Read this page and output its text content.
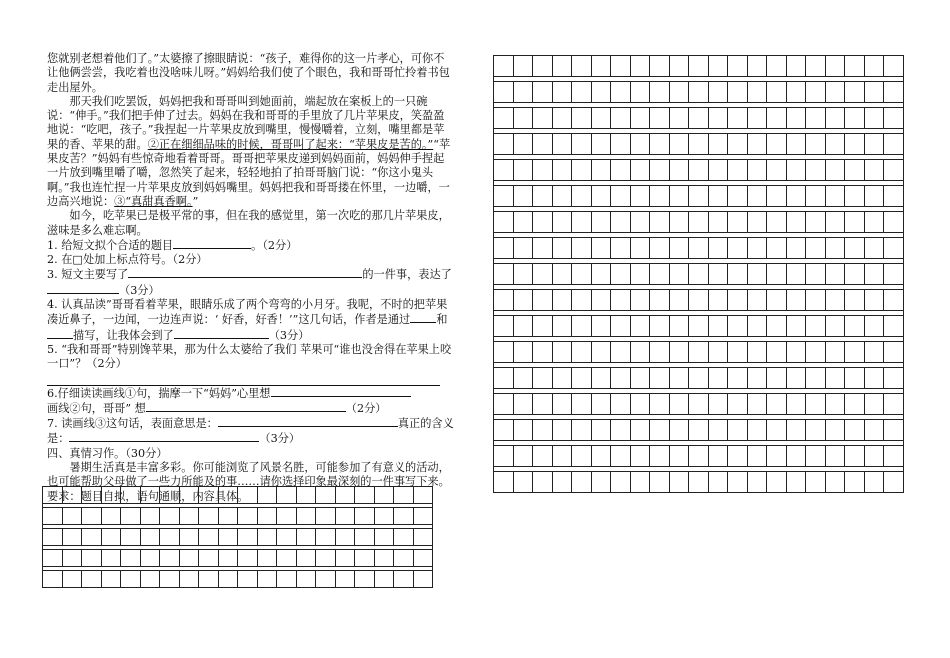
您就别老想着他们了。”太婆擦了擦眼睛说：“孩子，难得你的这一片孝心，可你不让他俩尝尝，我吃着也没啥味儿呀。”妈妈给我们使了个眼色，我和哥哥忙拎着书包走出屋外。

那天我们吃罢饭，妈妈把我和哥哥叫到她面前，端起放在案板上的一只碗说：“伸手。”我们把手伸了过去。妈妈在我和哥哥的手里放了几片苹果皮，笑盈盈地说：“吃吧，孩子。”我捏起一片苹果皮放到嘴里，慢慢嚼着，立刻，嘴里都是苹果的香、苹果的甜。②正在细细品味的时候，哥哥叫了起来：“苹果皮是苦的。”“苹果皮苦？”妈妈有些惊奇地看着哥哥。哥哥把苹果皮递到妈妈面前，妈妈伸手捏起一片放到嘴里嚼了嚼，忽然笑了起来，轻轻地拍了拍哥哥脑门说：“你这小鬼头啊。”我也连忙捏一片苹果皮放到妈妈嘴里。妈妈把我和哥哥搂在怀里，一边嚼，一边高兴地说：③“真甜真香啊。”

如今，吃苹果已是极平常的事，但在我的感觉里，第一次吃的那几片苹果皮，滋味是多么难忘啊。

1. 给短文拟个合适的题目	。（2分）

2. 在□处加上标点符号。（2分）

3. 短文主要写了	的一件事，表达了（3分）

4. 认真品读”哥哥看着苹果，眼睛乐成了两个弯弯的小月牙。我呢，不时的把苹果凑近鼻子，一边闻，一边连声说：‘ 好香，好香！’”这几句话，作者是通过 和描写，让我体会到了	（3分）

5. “我和哥哥”特别馋苹果，那为什么太婆给了我们 苹果可“谁也没舍得在苹果上咬一口”？（2分）

6.仔细读读画线①句，揣摩一下“妈妈”心里想
画线②句，哥哥” 想	（2分）

7. 读画线③这句话，表面意思是：	真正的含义是：	（3分）

四、真情习作。（30分）

暑期生活真是丰富多彩。你可能浏览了风景名胜，可能参加了有意义的活动，也可能帮助父母做了一些力所能及的事……请你选择印象最深刻的一件事写下来。要求：题目自拟，语句通顺，内容具体。
